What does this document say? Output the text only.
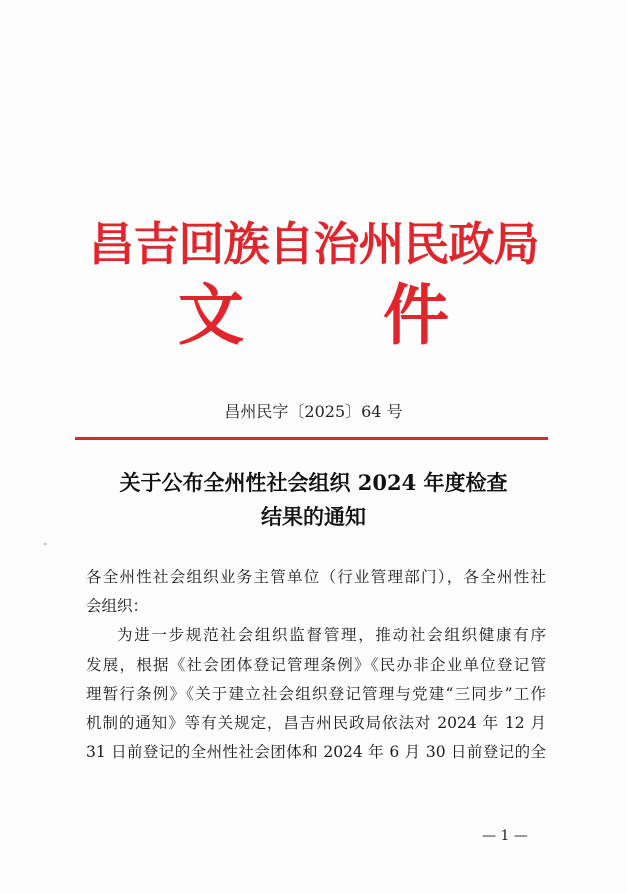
昌吉回族自治州民政局
文 件
昌州民字〔2025〕64 号
关于公布全州性社会组织 2024 年度检查
结果的通知
各全州性社会组织业务主管单位（行业管理部门），各全州性社
会组织：
为进一步规范社会组织监督管理，推动社会组织健康有序
发展，根据《社会团体登记管理条例》《民办非企业单位登记管
理暂行条例》《关于建立社会组织登记管理与党建“三同步”工作
机制的通知》等有关规定，昌吉州民政局依法对 2024 年 12 月
31 日前登记的全州性社会团体和 2024 年 6 月 30 日前登记的全
— 1 —
